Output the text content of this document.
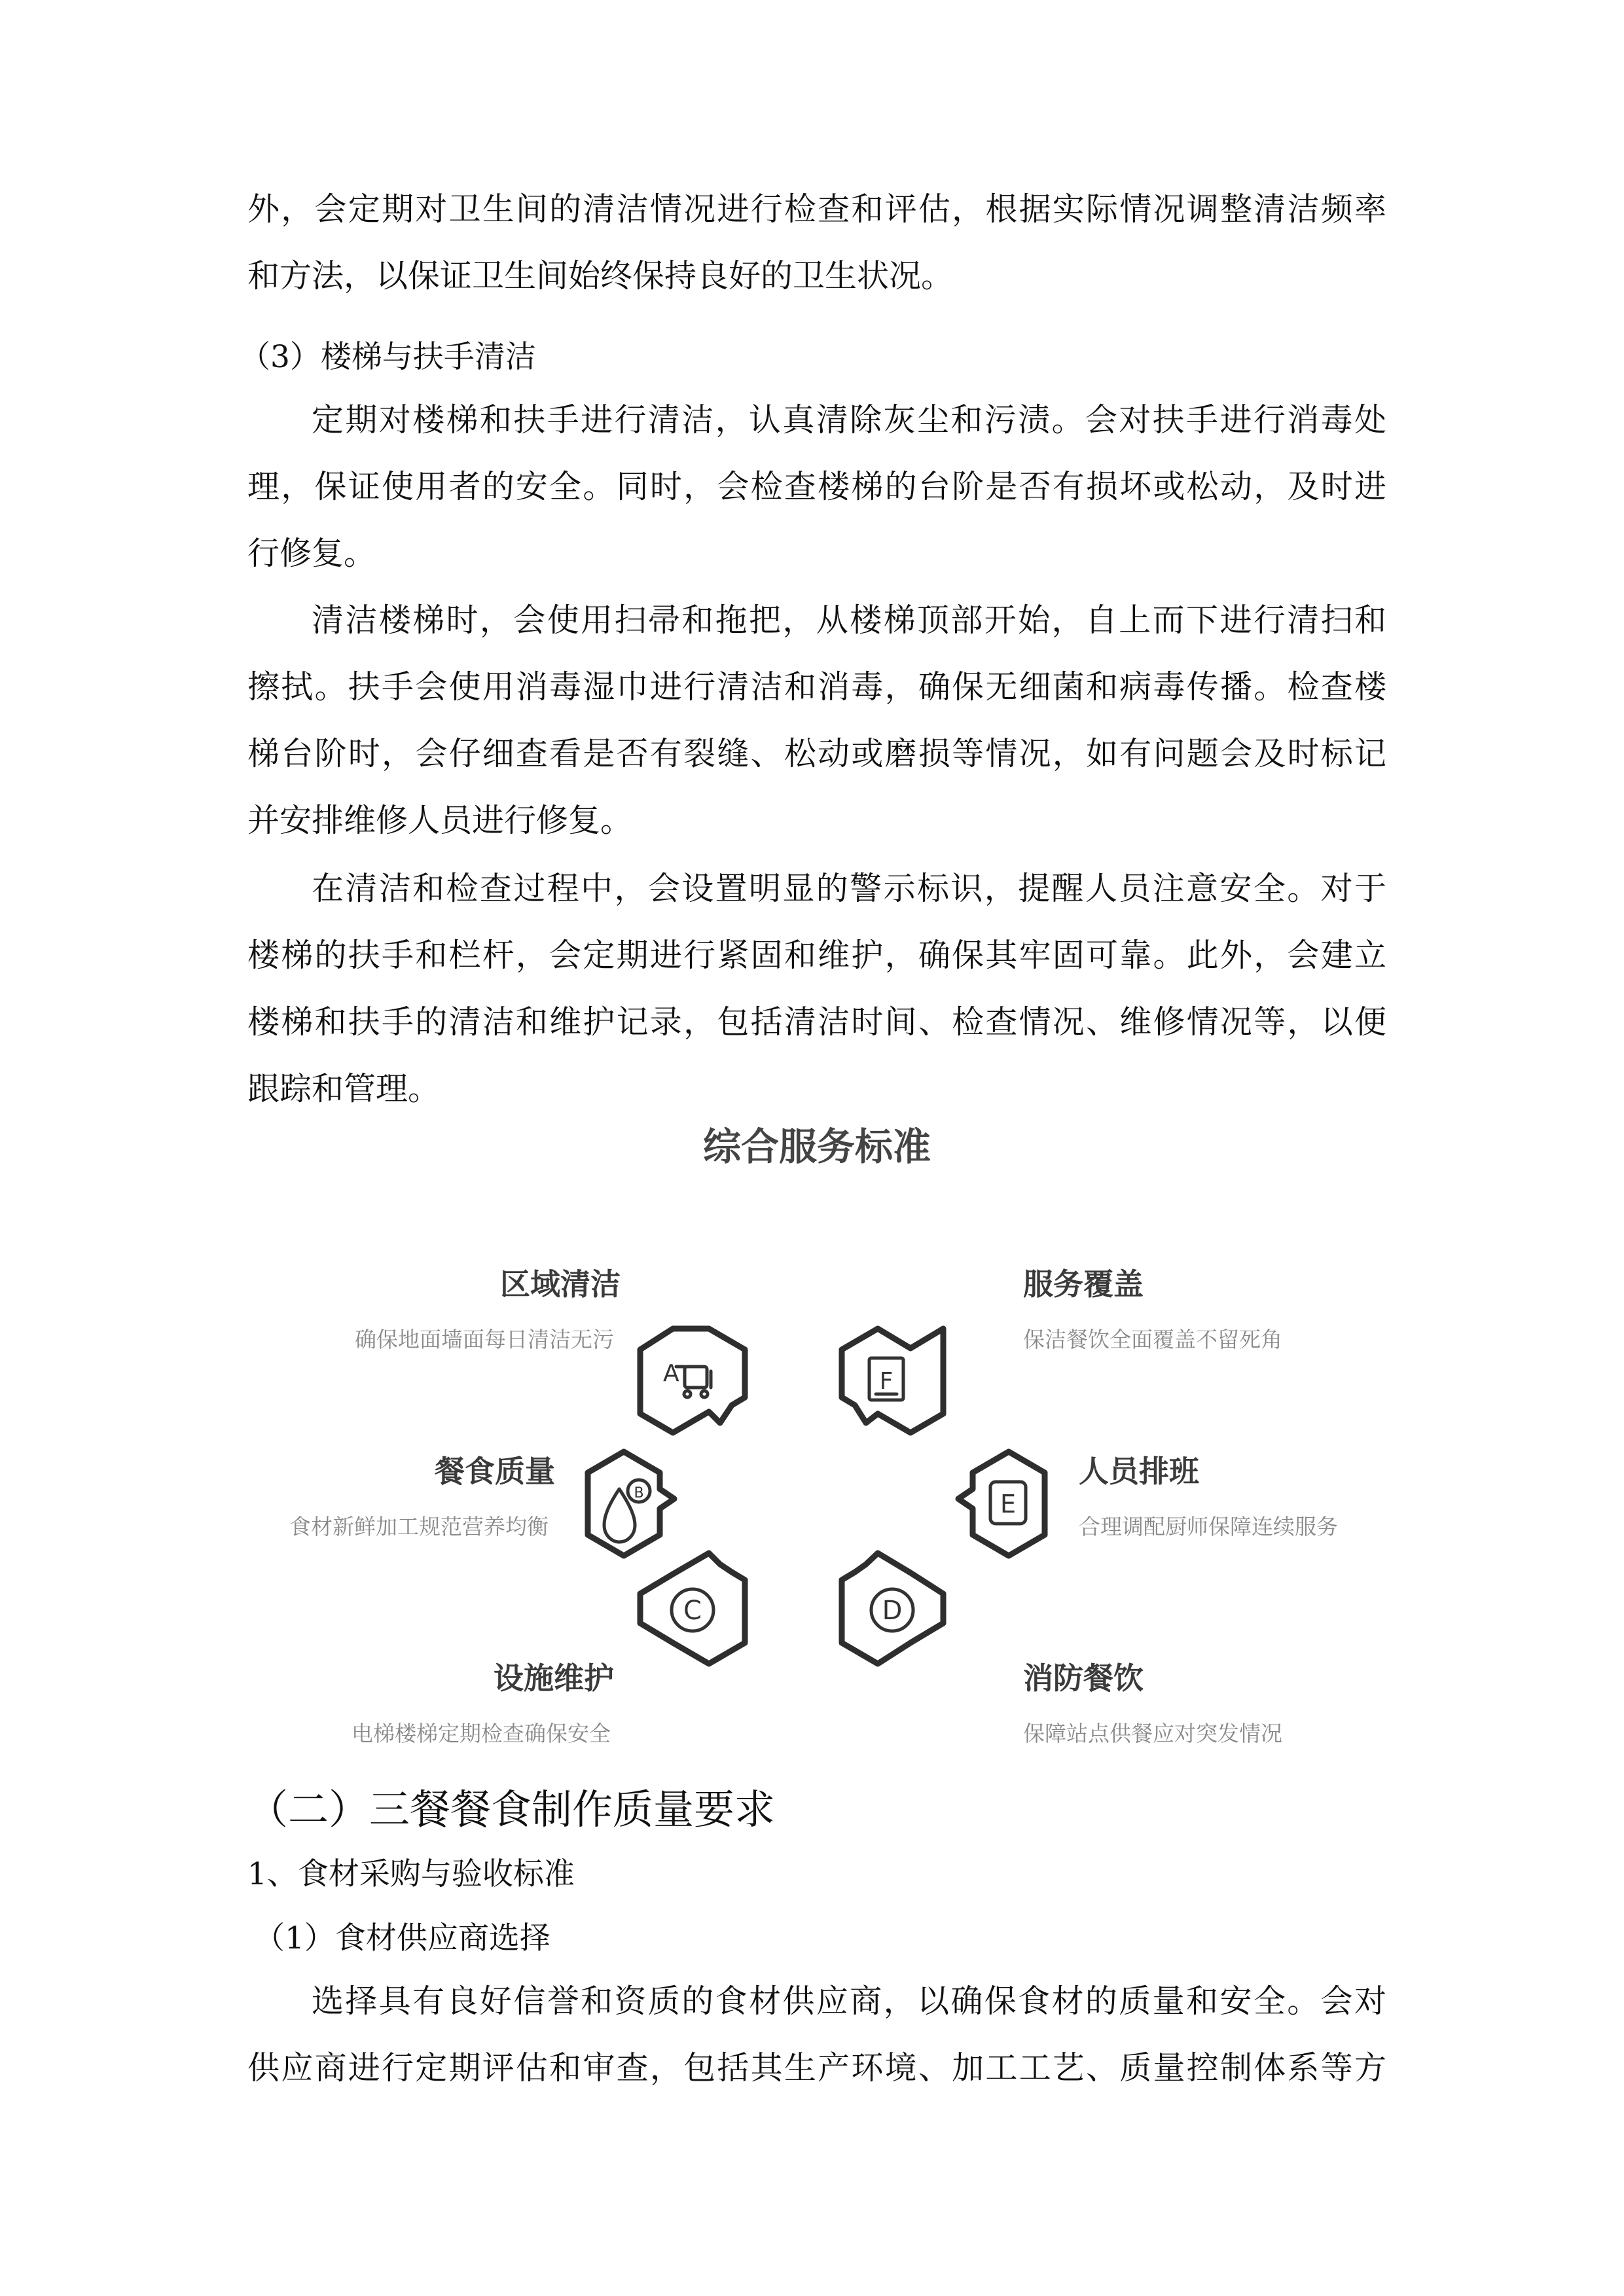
外，会定期对卫生间的清洁情况进行检查和评估，根据实际情况调整清洁频率
和方法，以保证卫生间始终保持良好的卫生状况。
（3）楼梯与扶手清洁
定期对楼梯和扶手进行清洁，认真清除灰尘和污渍。会对扶手进行消毒处
理，保证使用者的安全。同时，会检查楼梯的台阶是否有损坏或松动，及时进
行修复。
清洁楼梯时，会使用扫帚和拖把，从楼梯顶部开始，自上而下进行清扫和
擦拭。扶手会使用消毒湿巾进行清洁和消毒，确保无细菌和病毒传播。检查楼
梯台阶时，会仔细查看是否有裂缝、松动或磨损等情况，如有问题会及时标记
并安排维修人员进行修复。
在清洁和检查过程中，会设置明显的警示标识，提醒人员注意安全。对于
楼梯的扶手和栏杆，会定期进行紧固和维护，确保其牢固可靠。此外，会建立
楼梯和扶手的清洁和维护记录，包括清洁时间、检查情况、维修情况等，以便
跟踪和管理。
综合服务标准
区域清洁
确保地面墙面每日清洁无污
服务覆盖
保洁餐饮全面覆盖不留死角
餐食质量
食材新鲜加工规范营养均衡
人员排班
合理调配厨师保障连续服务
设施维护
电梯楼梯定期检查确保安全
消防餐饮
保障站点供餐应对突发情况
A	F
B	E
C	D
（二）三餐餐食制作质量要求
1、食材采购与验收标准
（1）食材供应商选择
选择具有良好信誉和资质的食材供应商，以确保食材的质量和安全。会对
供应商进行定期评估和审查，包括其生产环境、加工工艺、质量控制体系等方
